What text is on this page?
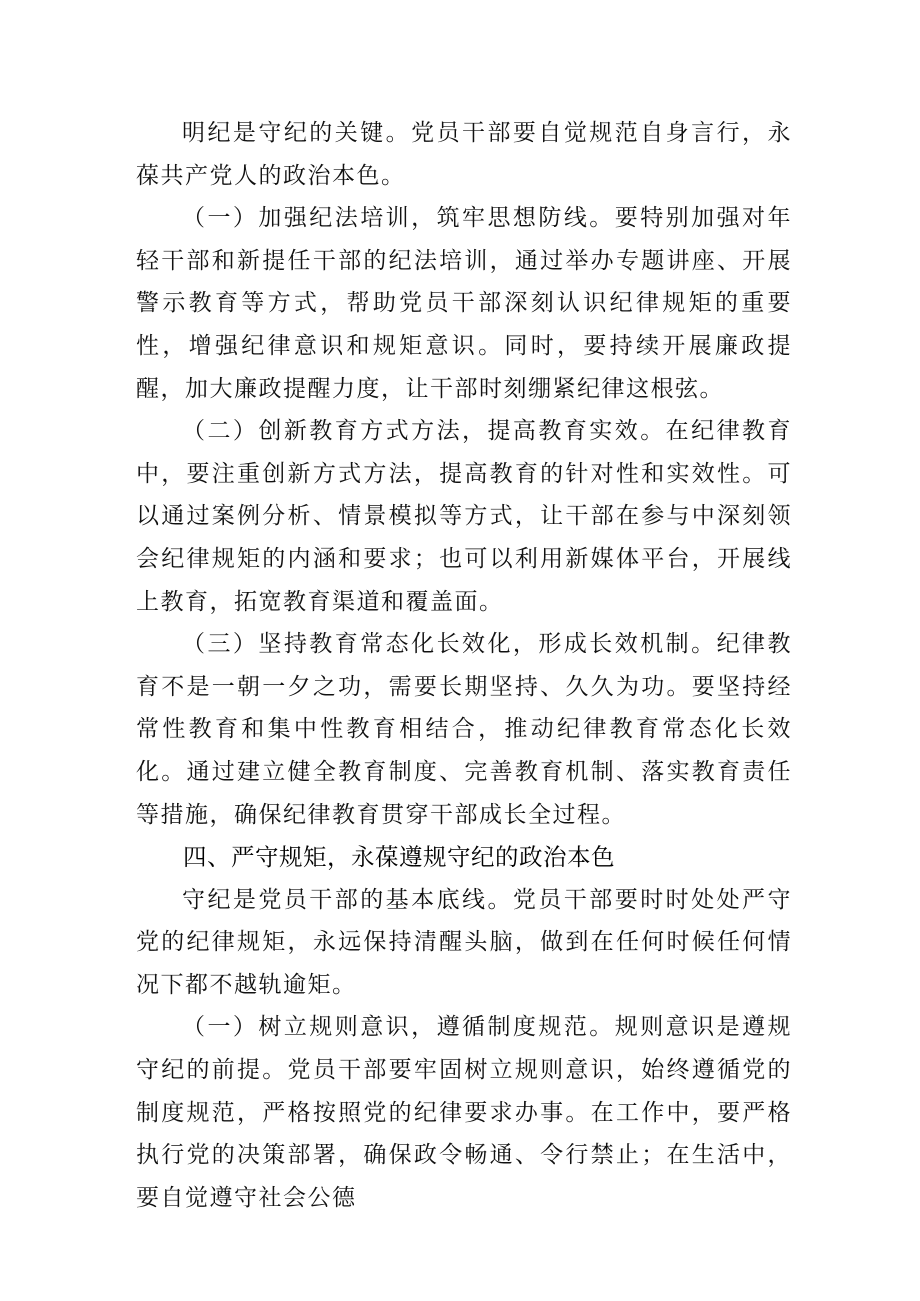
明纪是守纪的关键。党员干部要自觉规范自身言行，永葆共产党人的政治本色。

（一）加强纪法培训，筑牢思想防线。要特别加强对年轻干部和新提任干部的纪法培训，通过举办专题讲座、开展警示教育等方式，帮助党员干部深刻认识纪律规矩的重要性，增强纪律意识和规矩意识。同时，要持续开展廉政提醒，加大廉政提醒力度，让干部时刻绷紧纪律这根弦。

（二）创新教育方式方法，提高教育实效。在纪律教育中，要注重创新方式方法，提高教育的针对性和实效性。可以通过案例分析、情景模拟等方式，让干部在参与中深刻领会纪律规矩的内涵和要求；也可以利用新媒体平台，开展线上教育，拓宽教育渠道和覆盖面。

（三）坚持教育常态化长效化，形成长效机制。纪律教育不是一朝一夕之功，需要长期坚持、久久为功。要坚持经常性教育和集中性教育相结合，推动纪律教育常态化长效化。通过建立健全教育制度、完善教育机制、落实教育责任等措施，确保纪律教育贯穿干部成长全过程。

四、严守规矩，永葆遵规守纪的政治本色

守纪是党员干部的基本底线。党员干部要时时处处严守党的纪律规矩，永远保持清醒头脑，做到在任何时候任何情况下都不越轨逾矩。

（一）树立规则意识，遵循制度规范。规则意识是遵规守纪的前提。党员干部要牢固树立规则意识，始终遵循党的制度规范，严格按照党的纪律要求办事。在工作中，要严格执行党的决策部署，确保政令畅通、令行禁止；在生活中，要自觉遵守社会公德
